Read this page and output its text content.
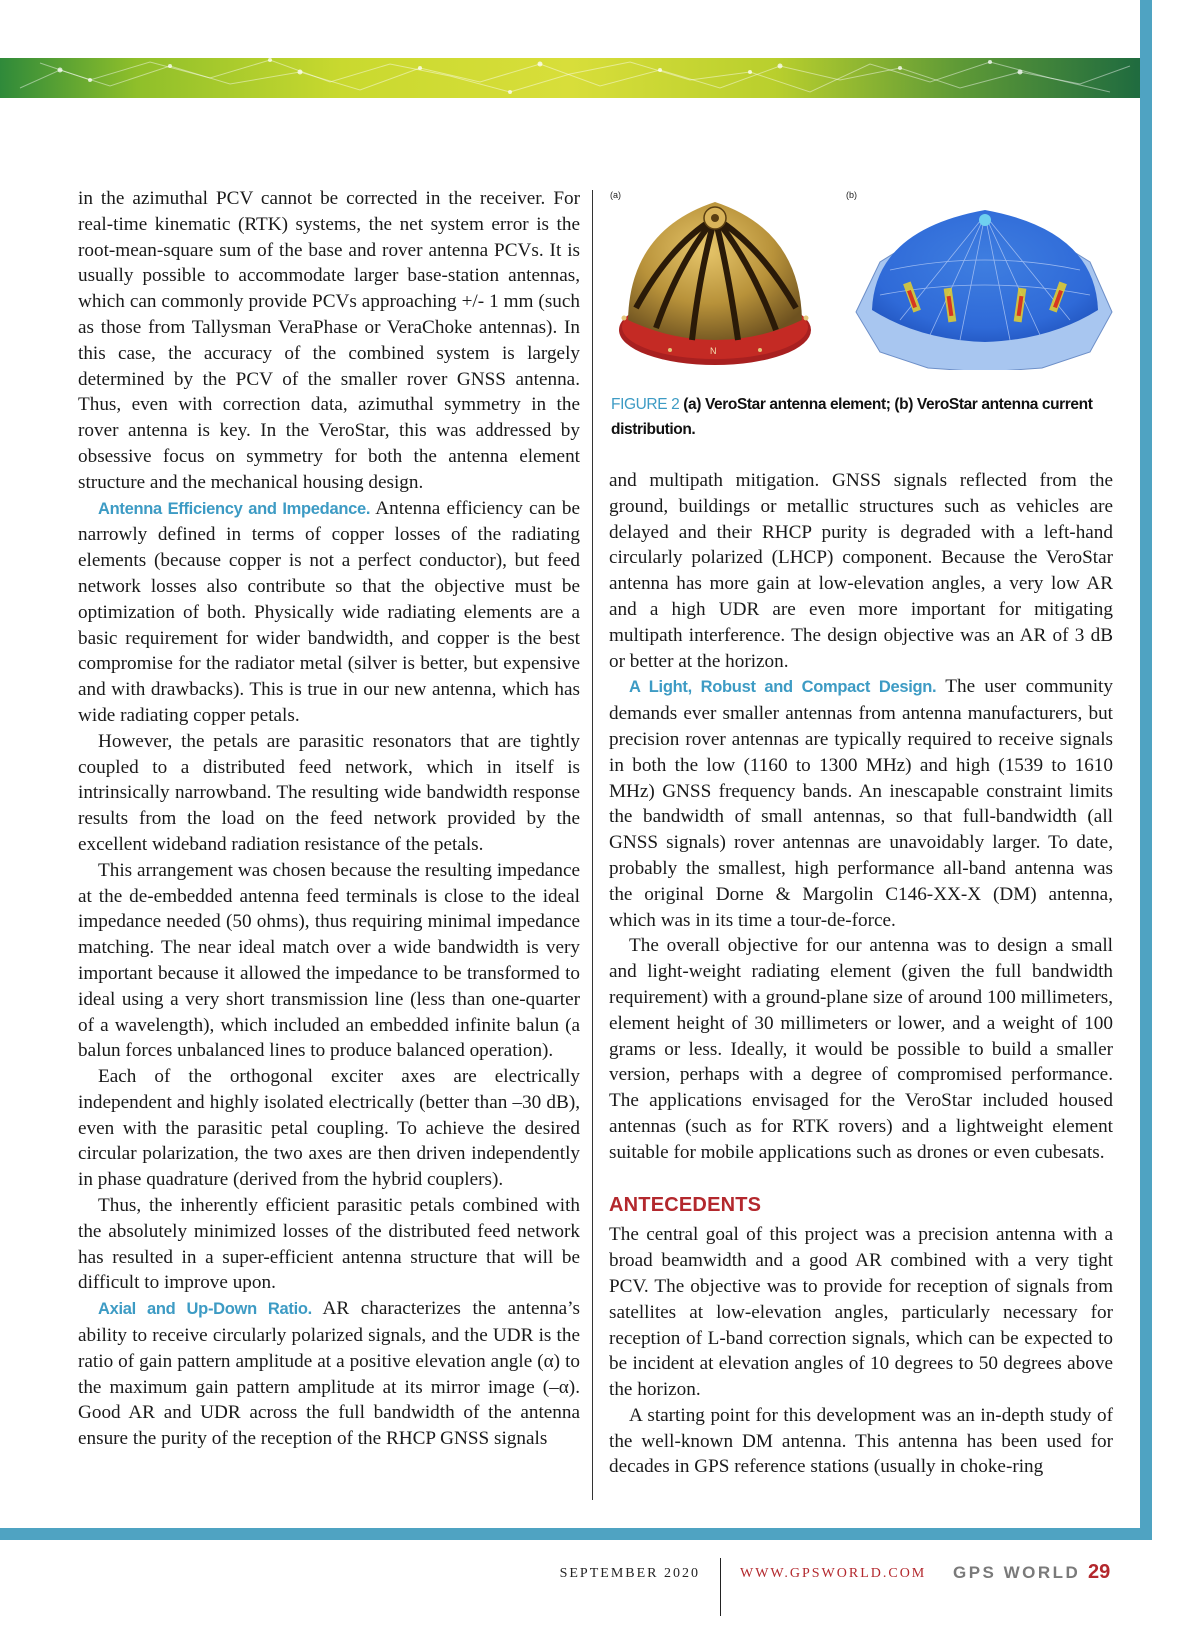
in the azimuthal PCV cannot be corrected in the receiver. For real-time kinematic (RTK) systems, the net system error is the root-mean-square sum of the base and rover antenna PCVs. It is usually possible to accommodate larger base-station antennas, which can commonly provide PCVs approaching +/- 1 mm (such as those from Tallysman VeraPhase or VeraChoke antennas). In this case, the accuracy of the combined system is largely determined by the PCV of the smaller rover GNSS antenna. Thus, even with correction data, azimuthal symmetry in the rover antenna is key. In the VeroStar, this was addressed by obsessive focus on symmetry for both the antenna element structure and the mechanical housing design.

Antenna Efficiency and Impedance. Antenna efficiency can be narrowly defined in terms of copper losses of the radiating elements (because copper is not a perfect conductor), but feed network losses also contribute so that the objective must be optimization of both. Physically wide radiating elements are a basic requirement for wider bandwidth, and copper is the best compromise for the radiator metal (silver is better, but expensive and with drawbacks). This is true in our new antenna, which has wide radiating copper petals.

However, the petals are parasitic resonators that are tightly coupled to a distributed feed network, which in itself is intrinsically narrowband. The resulting wide bandwidth response results from the load on the feed network provided by the excellent wideband radiation resistance of the petals.

This arrangement was chosen because the resulting impedance at the de-embedded antenna feed terminals is close to the ideal impedance needed (50 ohms), thus requiring minimal impedance matching. The near ideal match over a wide bandwidth is very important because it allowed the impedance to be transformed to ideal using a very short transmission line (less than one-quarter of a wavelength), which included an embedded infinite balun (a balun forces unbalanced lines to produce balanced operation).

Each of the orthogonal exciter axes are electrically independent and highly isolated electrically (better than –30 dB), even with the parasitic petal coupling. To achieve the desired circular polarization, the two axes are then driven independently in phase quadrature (derived from the hybrid couplers).

Thus, the inherently efficient parasitic petals combined with the absolutely minimized losses of the distributed feed network has resulted in a super-efficient antenna structure that will be difficult to improve upon.

Axial and Up-Down Ratio. AR characterizes the antenna’s ability to receive circularly polarized signals, and the UDR is the ratio of gain pattern amplitude at a positive elevation angle (α) to the maximum gain pattern amplitude at its mirror image (–α). Good AR and UDR across the full bandwidth of the antenna ensure the purity of the reception of the RHCP GNSS signals

(a)	(b)
N
FIGURE 2 (a) VeroStar antenna element; (b) VeroStar antenna current distribution.

and multipath mitigation. GNSS signals reflected from the ground, buildings or metallic structures such as vehicles are delayed and their RHCP purity is degraded with a left-hand circularly polarized (LHCP) component. Because the VeroStar antenna has more gain at low-elevation angles, a very low AR and a high UDR are even more important for mitigating multipath interference. The design objective was an AR of 3 dB or better at the horizon.

A Light, Robust and Compact Design. The user community demands ever smaller antennas from antenna manufacturers, but precision rover antennas are typically required to receive signals in both the low (1160 to 1300 MHz) and high (1539 to 1610 MHz) GNSS frequency bands. An inescapable constraint limits the bandwidth of small antennas, so that full-bandwidth (all GNSS signals) rover antennas are unavoidably larger. To date, probably the smallest, high performance all-band antenna was the original Dorne & Margolin C146-XX-X (DM) antenna, which was in its time a tour-de-force.

The overall objective for our antenna was to design a small and light-weight radiating element (given the full bandwidth requirement) with a ground-plane size of around 100 millimeters, element height of 30 millimeters or lower, and a weight of 100 grams or less. Ideally, it would be possible to build a smaller version, perhaps with a degree of compromised performance. The applications envisaged for the VeroStar included housed antennas (such as for RTK rovers) and a lightweight element suitable for mobile applications such as drones or even cubesats.

ANTECEDENTS

The central goal of this project was a precision antenna with a broad beamwidth and a good AR combined with a very tight PCV. The objective was to provide for reception of signals from satellites at low-elevation angles, particularly necessary for reception of L-band correction signals, which can be expected to be incident at elevation angles of 10 degrees to 50 degrees above the horizon.

A starting point for this development was an in-depth study of the well-known DM antenna. This antenna has been used for decades in GPS reference stations (usually in choke-ring

SEPTEMBER 2020	WWW.GPSWORLD.COM GPS WORLD 29
